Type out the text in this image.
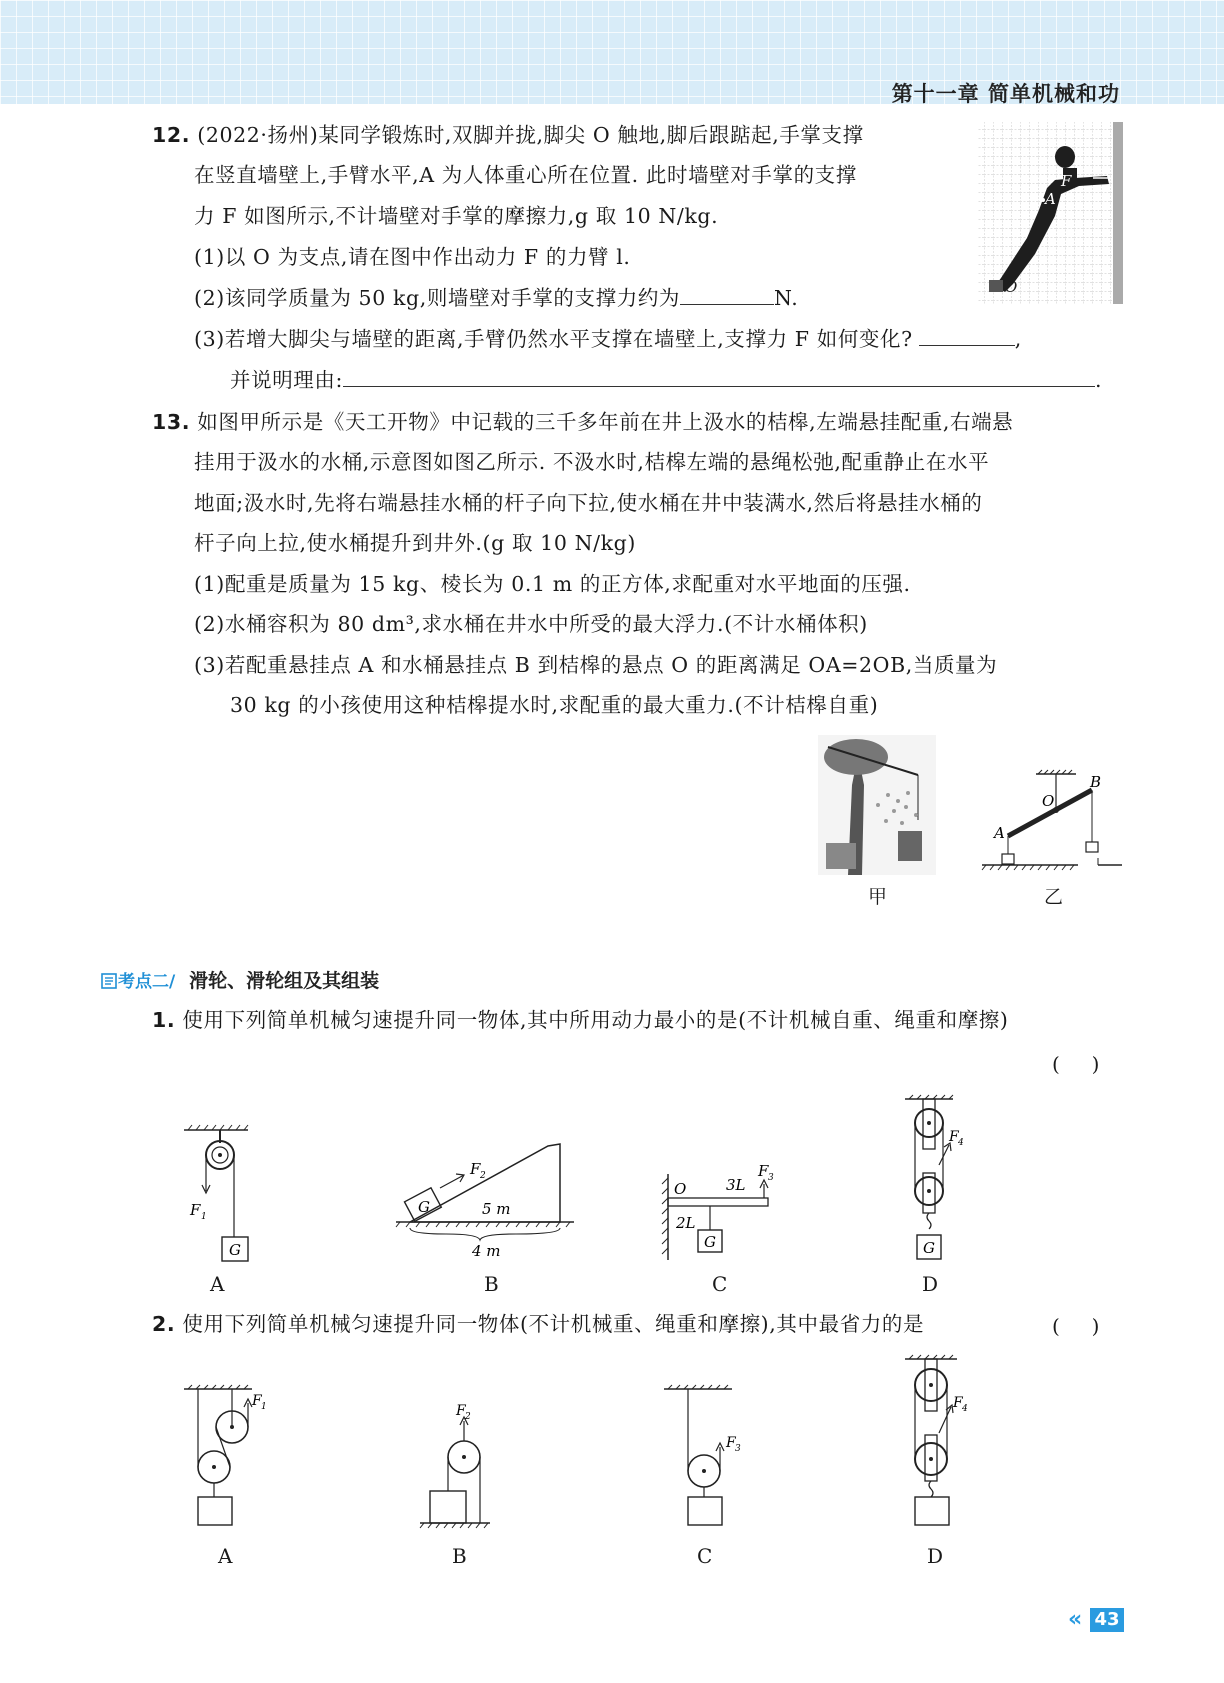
第十一章 简单机械和功
12. (2022·扬州)某同学锻炼时,双脚并拢,脚尖 O 触地,脚后跟踮起,手掌支撑
在竖直墙壁上,手臂水平,A 为人体重心所在位置. 此时墙壁对手掌的支撑
力 F 如图所示,不计墙壁对手掌的摩擦力,g 取 10 N/kg.
(1)以 O 为支点,请在图中作出动力 F 的力臂 l.
(2)该同学质量为 50 kg,则墙壁对手掌的支撑力约为	N.
(3)若增大脚尖与墙壁的距离,手臂仍然水平支撑在墙壁上,支撑力 F 如何变化?	,
并说明理由:	.
F
A
O
13. 如图甲所示是《天工开物》中记载的三千多年前在井上汲水的桔槔,左端悬挂配重,右端悬
挂用于汲水的水桶,示意图如图乙所示. 不汲水时,桔槔左端的悬绳松弛,配重静止在水平
地面;汲水时,先将右端悬挂水桶的杆子向下拉,使水桶在井中装满水,然后将悬挂水桶的
杆子向上拉,使水桶提升到井外.(g 取 10 N/kg)
(1)配重是质量为 15 kg、棱长为 0.1 m 的正方体,求配重对水平地面的压强.
(2)水桶容积为 80 dm³,求水桶在井水中所受的最大浮力.(不计水桶体积)
(3)若配重悬挂点 A 和水桶悬挂点 B 到桔槔的悬点 O 的距离满足 OA=2OB,当质量为
30 kg 的小孩使用这种桔槔提水时,求配重的最大重力.(不计桔槔自重)
甲
O
A
B
乙
考点二/ 滑轮、滑轮组及其组装
1. 使用下列简单机械匀速提升同一物体,其中所用动力最小的是(不计机械自重、绳重和摩擦)
(     )
F 1
G
A
G
F 2
5 m
4 m
B
O	3L
F 3
2L
G
C
F 4
G
D
2. 使用下列简单机械匀速提升同一物体(不计机械重、绳重和摩擦),其中最省力的是	(     )
F 1
A
F 2
B
F 3
C
F 4
D
« 43
